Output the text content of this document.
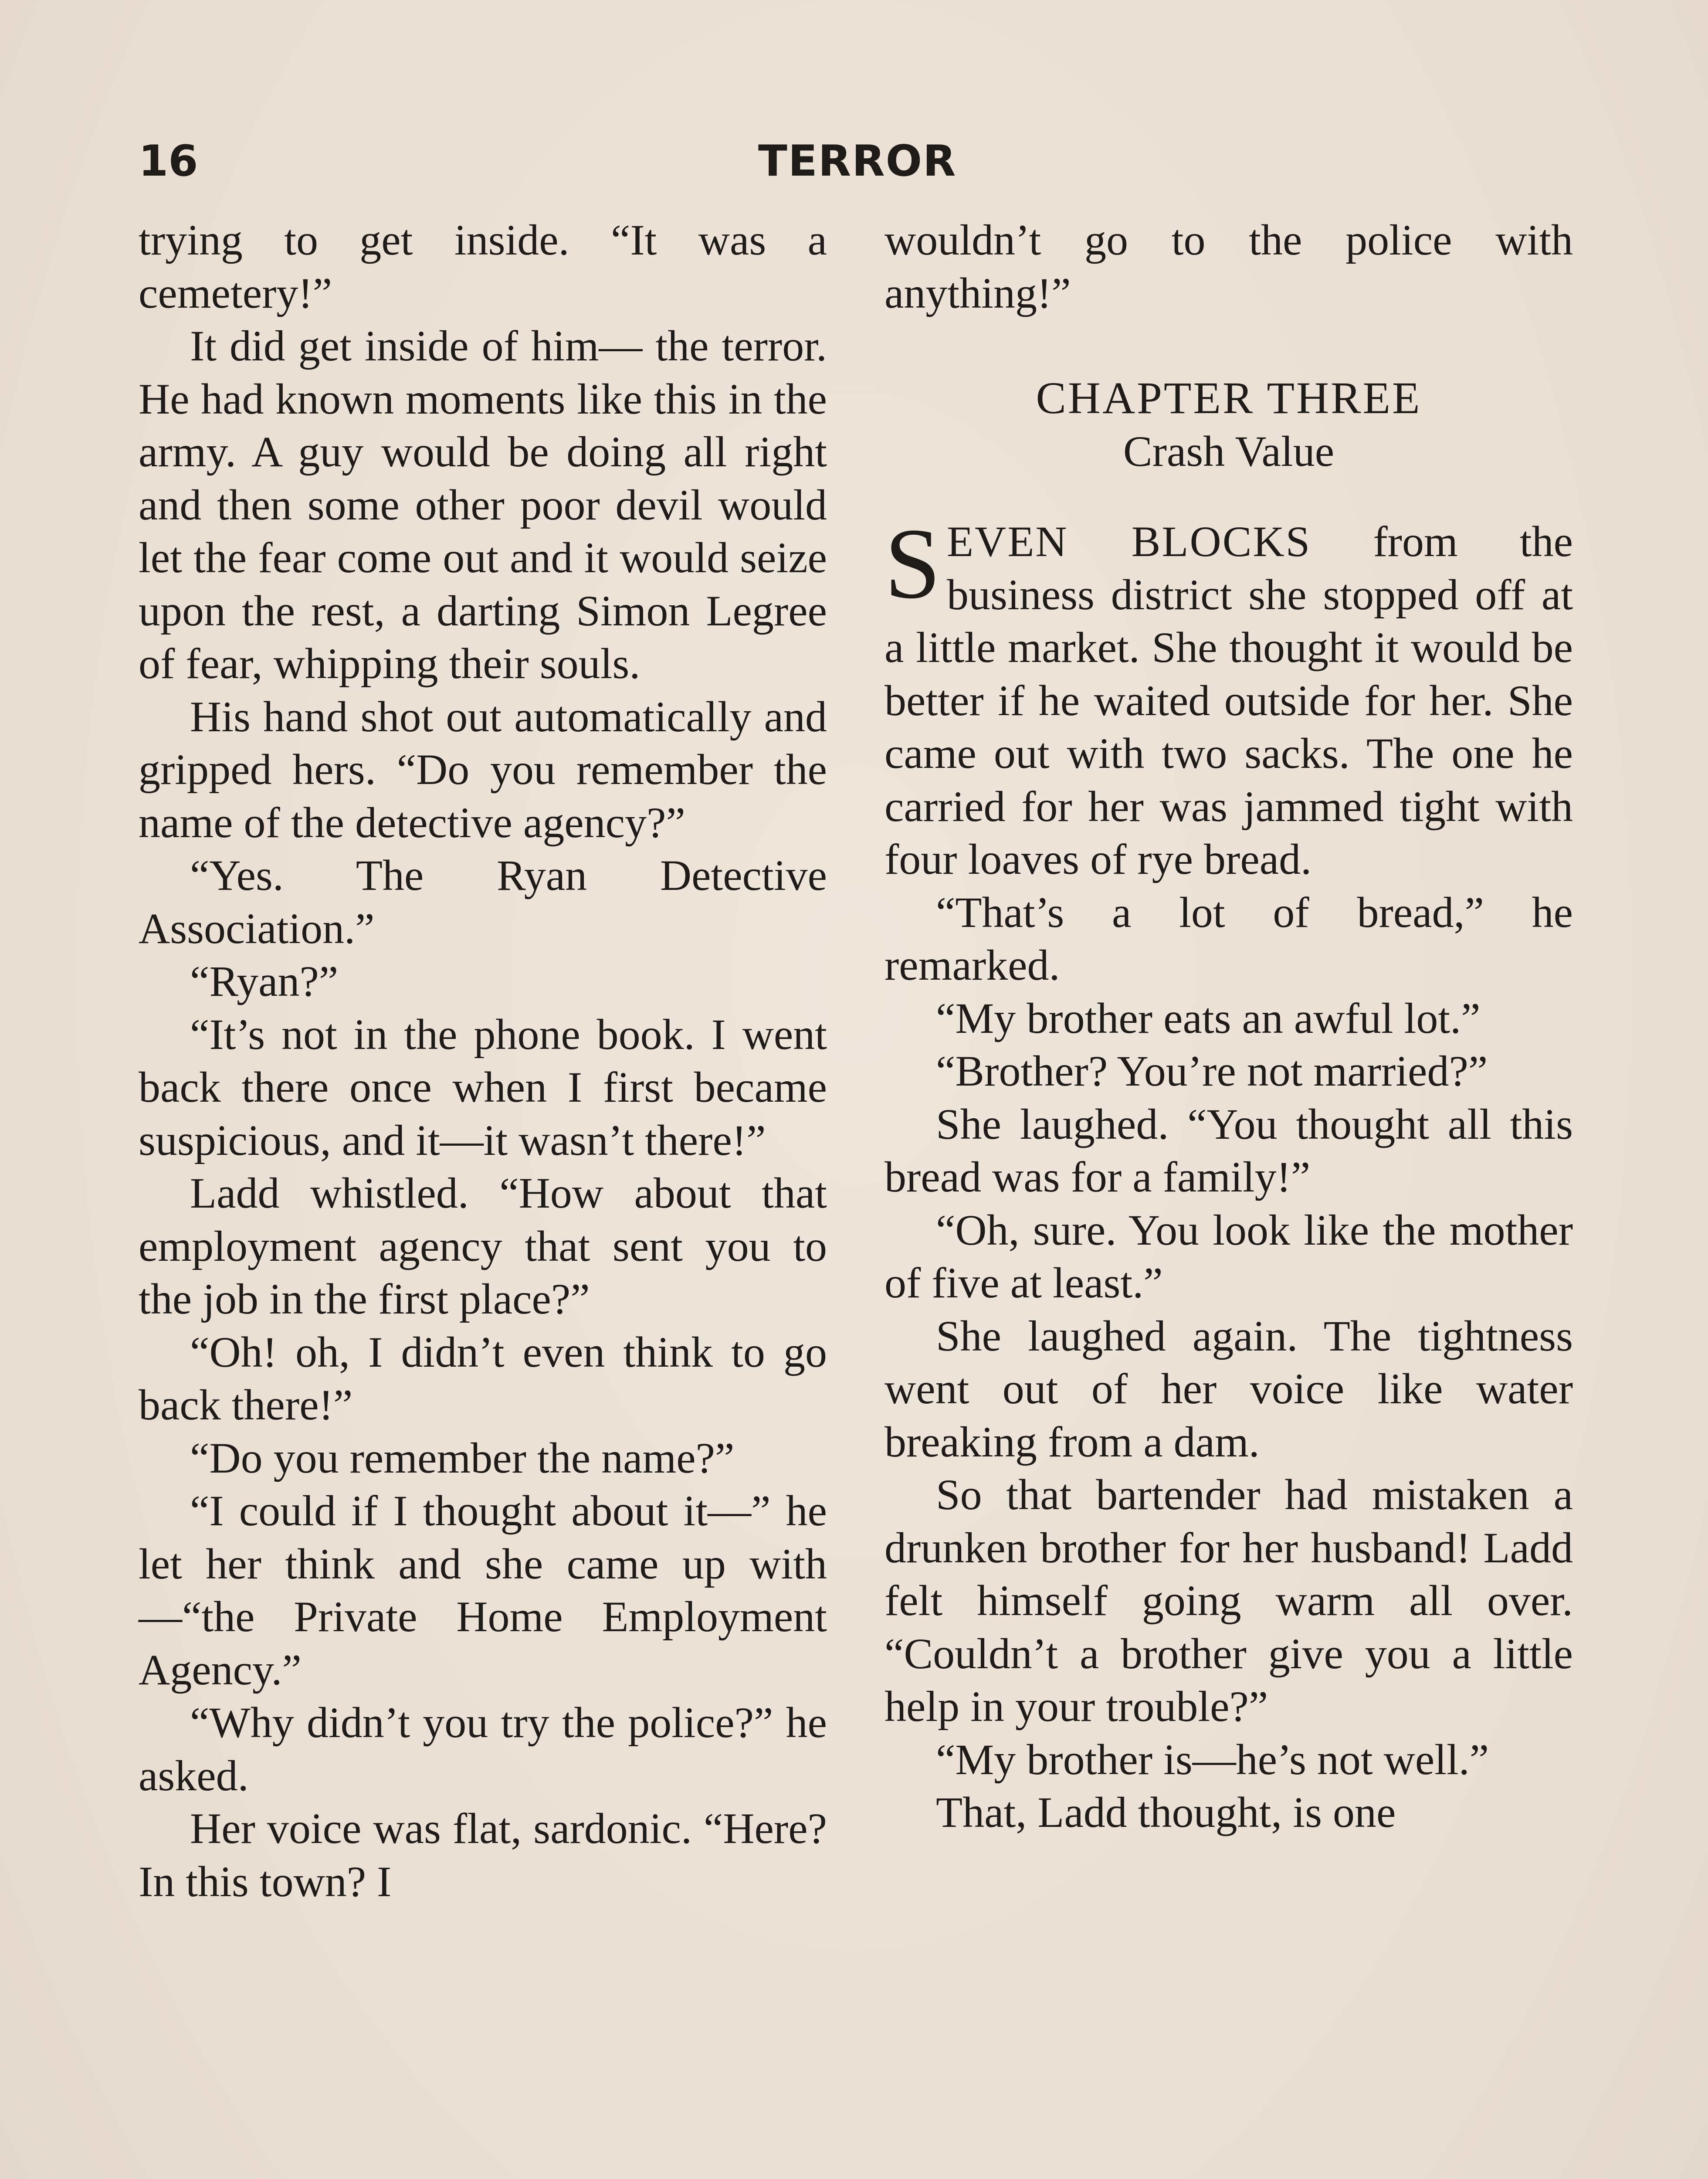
16	TERROR

trying to get inside. “It was a cemetery!”

It did get inside of him— the terror. He had known moments like this in the army. A guy would be doing all right and then some other poor devil would let the fear come out and it would seize upon the rest, a darting Simon Legree of fear, whipping their souls.

His hand shot out automatically and gripped hers. “Do you remember the name of the detective agency?”

“Yes. The Ryan Detective Association.”

“Ryan?”

“It’s not in the phone book. I went back there once when I first became suspicious, and it—it wasn’t there!”

Ladd whistled. “How about that employment agency that sent you to the job in the first place?”

“Oh! oh, I didn’t even think to go back there!”

“Do you remember the name?”

“I could if I thought about it—” he let her think and she came up with—“the Private Home Employment Agency.”

“Why didn’t you try the police?” he asked.

Her voice was flat, sardonic. “Here? In this town? I

wouldn’t go to the police with anything!”

CHAPTER THREE
Crash Value

SEVEN BLOCKS from the business district she stopped off at a little market. She thought it would be better if he waited outside for her. She came out with two sacks. The one he carried for her was jammed tight with four loaves of rye bread.

“That’s a lot of bread,” he remarked.

“My brother eats an awful lot.”

“Brother? You’re not married?”

She laughed. “You thought all this bread was for a family!”

“Oh, sure. You look like the mother of five at least.”

She laughed again. The tightness went out of her voice like water breaking from a dam.

So that bartender had mistaken a drunken brother for her husband! Ladd felt himself going warm all over. “Couldn’t a brother give you a little help in your trouble?”

“My brother is—he’s not well.”

That, Ladd thought, is one
